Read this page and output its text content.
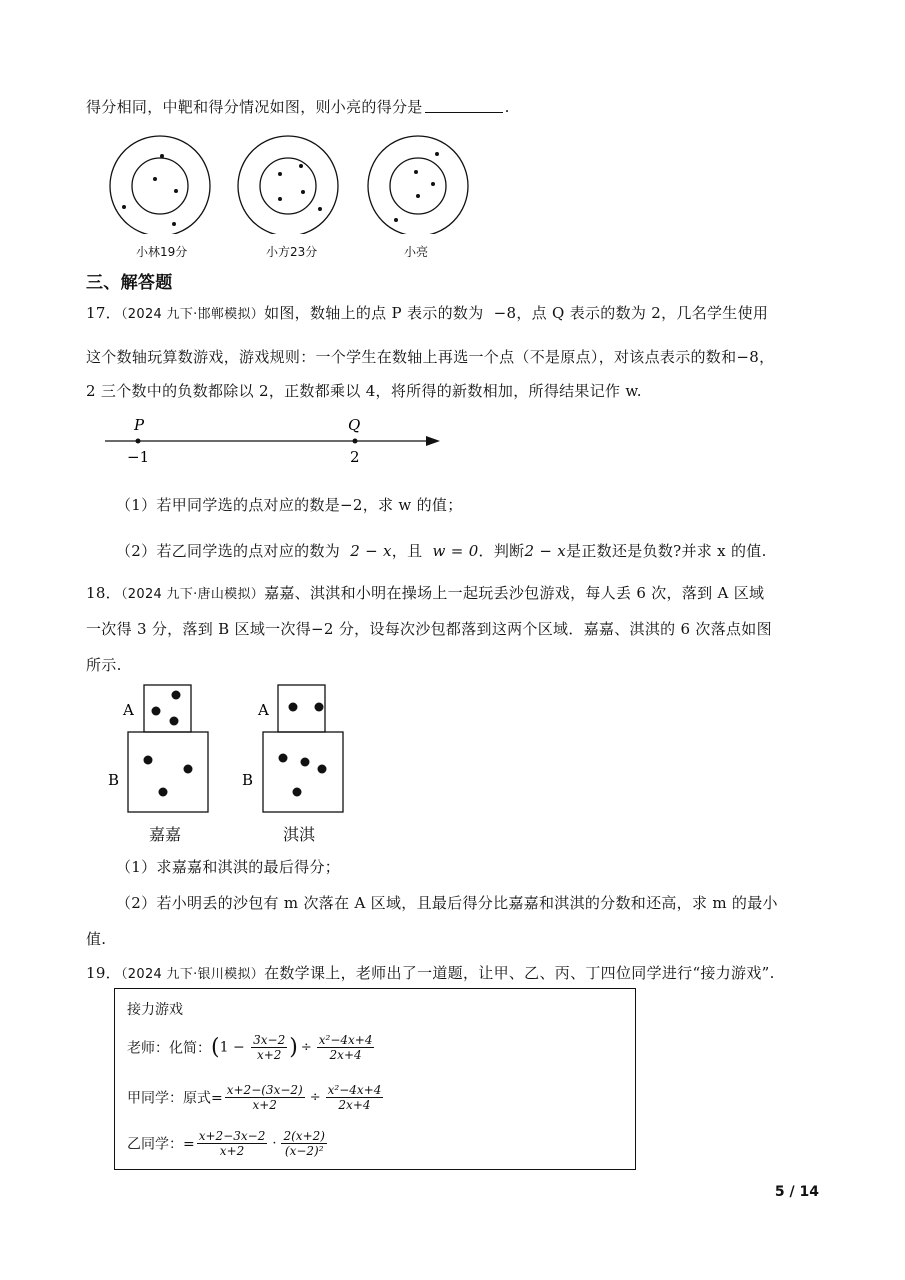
得分相同，中靶和得分情况如图，则小亮的得分是	.
小林19分	小方23分	小亮
三、解答题
17．（2024 九下·邯郸模拟）如图，数轴上的点 P 表示的数为 −8，点 Q 表示的数为 2，几名学生使用
这个数轴玩算数游戏，游戏规则：一个学生在数轴上再选一个点（不是原点），对该点表示的数和−8，
2 三个数中的负数都除以 2，正数都乘以 4，将所得的新数相加，所得结果记作 w.
P	Q
−1	2
（1）若甲同学选的点对应的数是−2，求 w 的值；
（2）若乙同学选的点对应的数为 2 − x，且 w = 0．判断2 − x是正数还是负数?并求 x 的值.
18．（2024 九下·唐山模拟）嘉嘉、淇淇和小明在操场上一起玩丢沙包游戏，每人丢 6 次，落到 A 区域
一次得 3 分，落到 B 区域一次得−2 分，设每次沙包都落到这两个区域．嘉嘉、淇淇的 6 次落点如图
所示.
A
B
A
B
嘉嘉	淇淇
（1）求嘉嘉和淇淇的最后得分；
（2）若小明丢的沙包有 m 次落在 A 区域，且最后得分比嘉嘉和淇淇的分数和还高，求 m 的最小
值.
19．（2024 九下·银川模拟）在数学课上，老师出了一道题，让甲、乙、丙、丁四位同学进行“接力游戏”.
接力游戏
老师：化简：($1 - \frac{3x-2}{x+2}$ ) ÷ $\frac{\text{x²−4x+4}}{2x+4}$
甲同学：原式= $\frac{x+2-(3x-2)}{x+2} \div \frac{\text{x²−4x+4}}{2x+4}$
乙同学：= $\frac{x+2-3x-2}{x+2} \cdot \frac{2(x+2)}{\text{(x−2)²}}$
5 / 14
